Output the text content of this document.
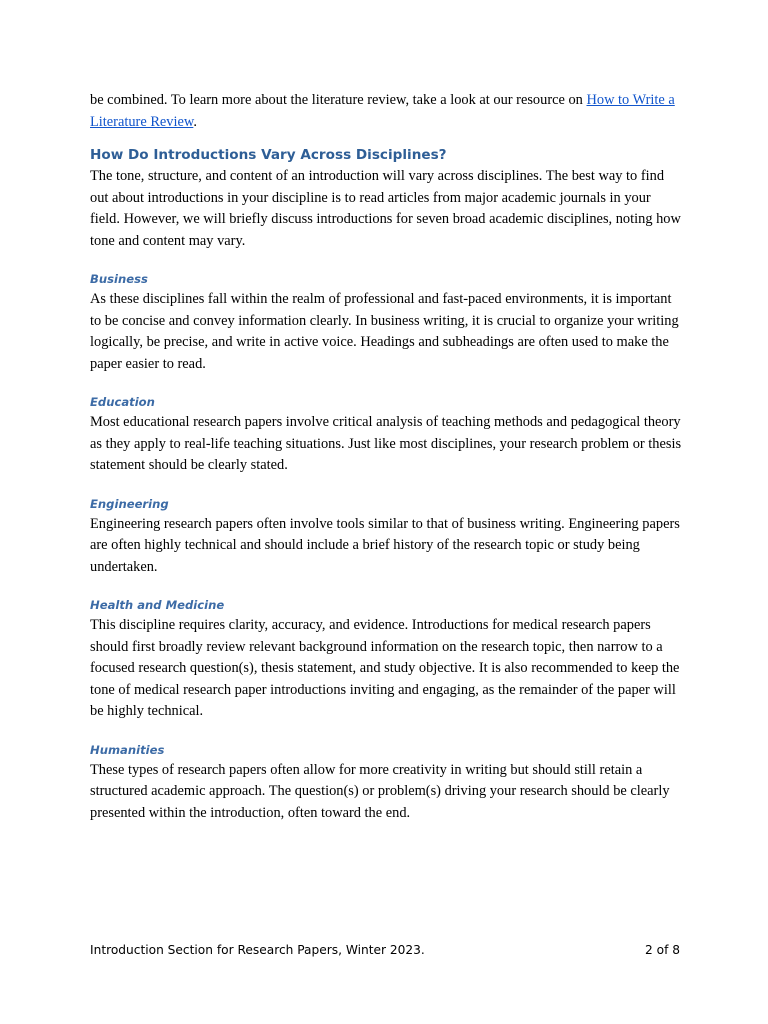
be combined. To learn more about the literature review, take a look at our resource on How to Write a Literature Review.

How Do Introductions Vary Across Disciplines?

The tone, structure, and content of an introduction will vary across disciplines. The best way to find out about introductions in your discipline is to read articles from major academic journals in your field. However, we will briefly discuss introductions for seven broad academic disciplines, noting how tone and content may vary.

Business

As these disciplines fall within the realm of professional and fast-paced environments, it is important to be concise and convey information clearly. In business writing, it is crucial to organize your writing logically, be precise, and write in active voice. Headings and subheadings are often used to make the paper easier to read.

Education

Most educational research papers involve critical analysis of teaching methods and pedagogical theory as they apply to real-life teaching situations. Just like most disciplines, your research problem or thesis statement should be clearly stated.

Engineering

Engineering research papers often involve tools similar to that of business writing. Engineering papers are often highly technical and should include a brief history of the research topic or study being undertaken.

Health and Medicine

This discipline requires clarity, accuracy, and evidence. Introductions for medical research papers should first broadly review relevant background information on the research topic, then narrow to a focused research question(s), thesis statement, and study objective. It is also recommended to keep the tone of medical research paper introductions inviting and engaging, as the remainder of the paper will be highly technical.

Humanities

These types of research papers often allow for more creativity in writing but should still retain a structured academic approach. The question(s) or problem(s) driving your research should be clearly presented within the introduction, often toward the end.

Introduction Section for Research Papers, Winter 2023.	2 of 8
